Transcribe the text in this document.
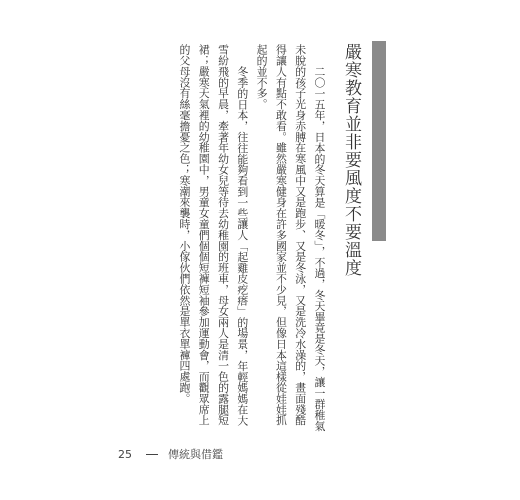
嚴寒教育並非要風度不要溫度

二〇一五年，日本的冬天算是「暖冬」，不過，冬天畢竟是冬天，讓一群稚氣未脫的孩子光身赤膊在寒風中又是跑步、又是冬泳，又是洗冷水澡的，畫面殘酷得讓人有點不敢看。雖然嚴寒健身在許多國家並不少見，但像日本這樣從娃娃抓起的並不多。

冬季的日本，往往能夠看到一些讓人「起雞皮疙瘩」的場景，年輕媽媽在大雪紛飛的早晨，牽著年幼女兒等待去幼稚園的班車，母女兩人是清一色的露腿短裙；嚴寒天氣裡的幼稚園中，男童女童們個個短褲短袖參加運動會，而觀眾席上的父母沒有絲毫擔憂之色；寒潮來襲時，小傢伙們依然是單衣單褲四處跑。

25	傳統與借鑑
